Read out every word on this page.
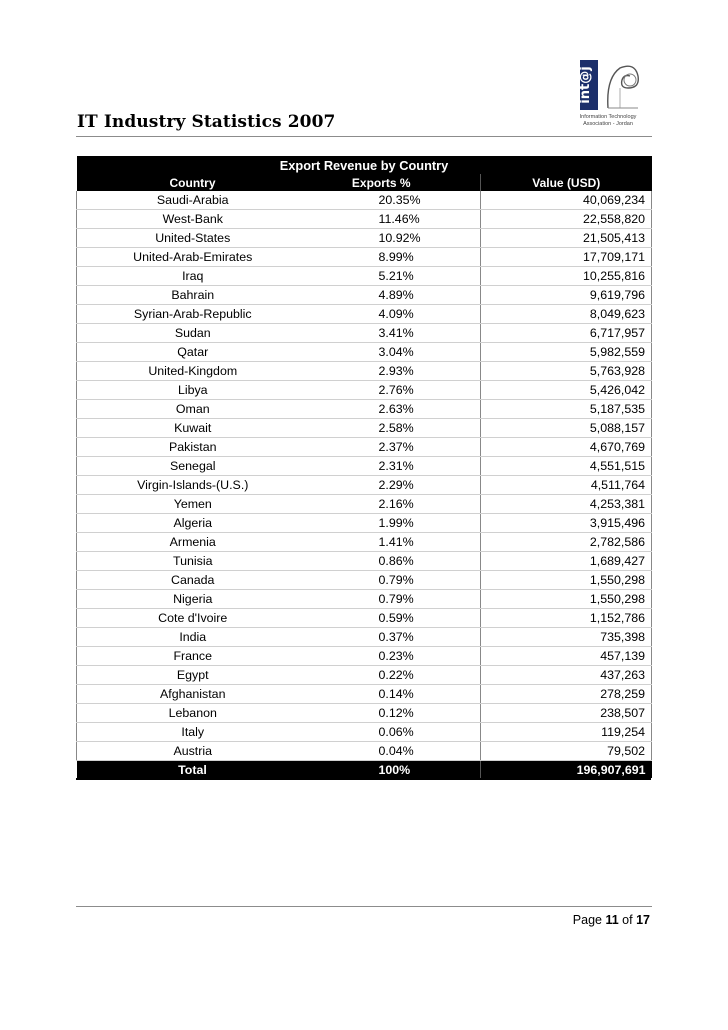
int@j
Information Technology
Association - Jordan
IT Industry Statistics 2007
Export Revenue by Country		
Country	Exports %	Value (USD)
Saudi-Arabia	20.35%	40,069,234
West-Bank	11.46%	22,558,820
United-States	10.92%	21,505,413
United-Arab-Emirates	8.99%	17,709,171
Iraq	5.21%	10,255,816
Bahrain	4.89%	9,619,796
Syrian-Arab-Republic	4.09%	8,049,623
Sudan	3.41%	6,717,957
Qatar	3.04%	5,982,559
United-Kingdom	2.93%	5,763,928
Libya	2.76%	5,426,042
Oman	2.63%	5,187,535
Kuwait	2.58%	5,088,157
Pakistan	2.37%	4,670,769
Senegal	2.31%	4,551,515
Virgin-Islands-(U.S.)	2.29%	4,511,764
Yemen	2.16%	4,253,381
Algeria	1.99%	3,915,496
Armenia	1.41%	2,782,586
Tunisia	0.86%	1,689,427
Canada	0.79%	1,550,298
Nigeria	0.79%	1,550,298
Cote d'Ivoire	0.59%	1,152,786
India	0.37%	735,398
France	0.23%	457,139
Egypt	0.22%	437,263
Afghanistan	0.14%	278,259
Lebanon	0.12%	238,507
Italy	0.06%	119,254
Austria	0.04%	79,502
Total	100%	196,907,691
Page 11 of 17
